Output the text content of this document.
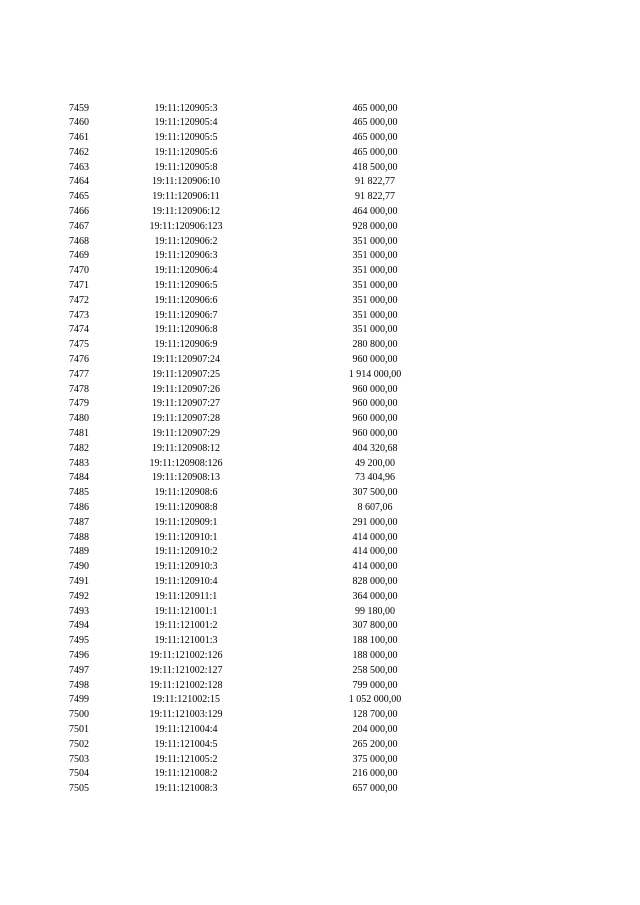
7459	19:11:120905:3	465 000,00
7460	19:11:120905:4	465 000,00
7461	19:11:120905:5	465 000,00
7462	19:11:120905:6	465 000,00
7463	19:11:120905:8	418 500,00
7464	19:11:120906:10	91 822,77
7465	19:11:120906:11	91 822,77
7466	19:11:120906:12	464 000,00
7467	19:11:120906:123	928 000,00
7468	19:11:120906:2	351 000,00
7469	19:11:120906:3	351 000,00
7470	19:11:120906:4	351 000,00
7471	19:11:120906:5	351 000,00
7472	19:11:120906:6	351 000,00
7473	19:11:120906:7	351 000,00
7474	19:11:120906:8	351 000,00
7475	19:11:120906:9	280 800,00
7476	19:11:120907:24	960 000,00
7477	19:11:120907:25	1 914 000,00
7478	19:11:120907:26	960 000,00
7479	19:11:120907:27	960 000,00
7480	19:11:120907:28	960 000,00
7481	19:11:120907:29	960 000,00
7482	19:11:120908:12	404 320,68
7483	19:11:120908:126	49 200,00
7484	19:11:120908:13	73 404,96
7485	19:11:120908:6	307 500,00
7486	19:11:120908:8	8 607,06
7487	19:11:120909:1	291 000,00
7488	19:11:120910:1	414 000,00
7489	19:11:120910:2	414 000,00
7490	19:11:120910:3	414 000,00
7491	19:11:120910:4	828 000,00
7492	19:11:120911:1	364 000,00
7493	19:11:121001:1	99 180,00
7494	19:11:121001:2	307 800,00
7495	19:11:121001:3	188 100,00
7496	19:11:121002:126	188 000,00
7497	19:11:121002:127	258 500,00
7498	19:11:121002:128	799 000,00
7499	19:11:121002:15	1 052 000,00
7500	19:11:121003:129	128 700,00
7501	19:11:121004:4	204 000,00
7502	19:11:121004:5	265 200,00
7503	19:11:121005:2	375 000,00
7504	19:11:121008:2	216 000,00
7505	19:11:121008:3	657 000,00
